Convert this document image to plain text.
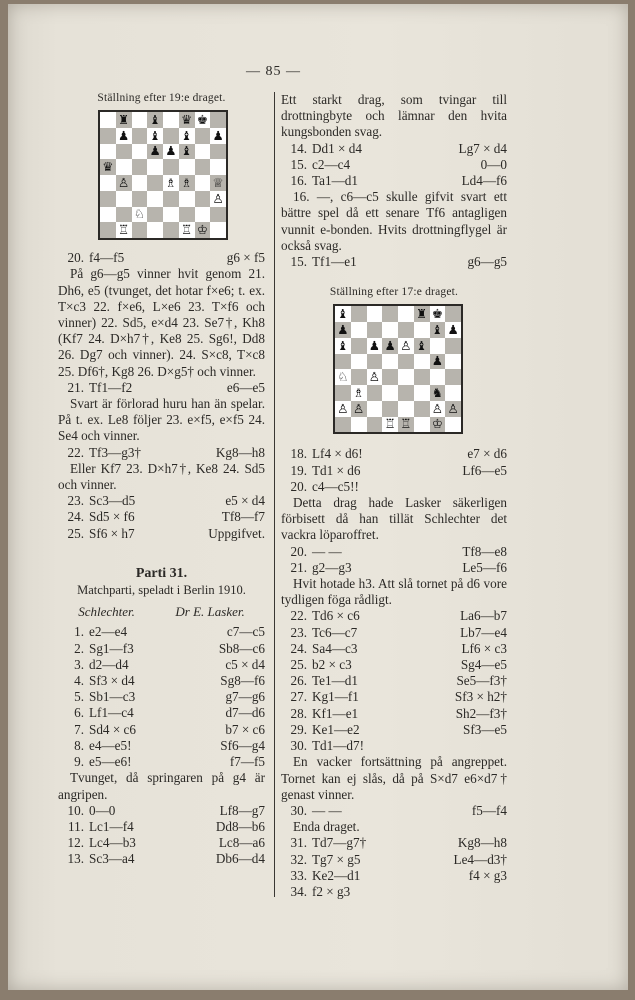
— 85 —
Ställning efter 19:e draget.
♜ ♝ ♛ ♚
♟ ♝ ♝ ♟
♟ ♟ ♝
♛
♙	♗ ♗ ♕
♙
♘
♖	♖ ♔
20. f4—f5	g6 × f5
På g6—g5 vinner hvit genom 21. Dh6, e5 (tvunget, det hotar f×e6; t. ex. T×c3 22. f×e6, L×e6 23. T×f6 och vinner) 22. Sd5, e×d4 23. Se7†, Kh8 (Kf7 24. D×h7†, Ke8 25. Sg6!, Dd8 26. Dg7 och vinner). 24. S×c8, T×c8 25. Df6†, Kg8 26. D×g5† och vinner.
21. Tf1—f2	e6—e5
Svart är förlorad huru han än spelar. På t. ex. Le8 följer 23. e×f5, e×f5 24. Se4 och vinner.
22. Tf3—g3†	Kg8—h8
Eller Kf7 23. D×h7†, Ke8 24. Sd5 och vinner.
23. Sc3—d5	e5 × d4
24. Sd5 × f6	Tf8—f7
25. Sf6 × h7	Uppgifvet.
Parti 31.
Matchparti, speladt i Berlin 1910.
Schlechter.	Dr E. Lasker.
1. e2—e4	c7—c5
2. Sg1—f3	Sb8—c6
3. d2—d4	c5 × d4
4. Sf3 × d4	Sg8—f6
5. Sb1—c3	g7—g6
6. Lf1—c4	d7—d6
7. Sd4 × c6	b7 × c6
8. e4—e5!	Sf6—g4
9. e5—e6!	f7—f5
Tvunget, då springaren på g4 är angripen.
10. 0—0	Lf8—g7
11. Lc1—f4	Dd8—b6
12. Lc4—b3	Lc8—a6
13. Sc3—a4	Db6—d4
Ett starkt drag, som tvingar till drottningbyte och lämnar den hvita kungsbonden svag.
14. Dd1 × d4	Lg7 × d4
15. c2—c4	0—0
16. Ta1—d1	Ld4—f6
16. —, c6—c5 skulle gifvit svart ett bättre spel då ett senare Tf6 antagligen vunnit e-bonden. Hvits drottningflygel är också svag.
15. Tf1—e1	g6—g5
Ställning efter 17:e draget.
♝	♜ ♚
♟	♝ ♟
♝ ♟ ♟ ♙ ♝
♟
♘ ♙
♗	♞
♙ ♙	♙ ♙
♖ ♖ ♔
18. Lf4 × d6!	e7 × d6
19. Td1 × d6	Lf6—e5
20. c4—c5!!
Detta drag hade Lasker säkerligen förbisett då han tillät Schlechter det vackra löparoffret.
20. — —	Tf8—e8
21. g2—g3	Le5—f6
Hvit hotade h3. Att slå tornet på d6 vore tydligen föga rådligt.
22. Td6 × c6	La6—b7
23. Tc6—c7	Lb7—e4
24. Sa4—c3	Lf6 × c3
25. b2 × c3	Sg4—e5
26. Te1—d1	Se5—f3†
27. Kg1—f1	Sf3 × h2†
28. Kf1—e1	Sh2—f3†
29. Ke1—e2	Sf3—e5
30. Td1—d7!
En vacker fortsättning på angreppet. Tornet kan ej slås, då på S×d7 e6×d7† genast vinner.
30. — —	f5—f4
Enda draget.
31. Td7—g7†	Kg8—h8
32. Tg7 × g5	Le4—d3†
33. Ke2—d1	f4 × g3
34. f2 × g3
